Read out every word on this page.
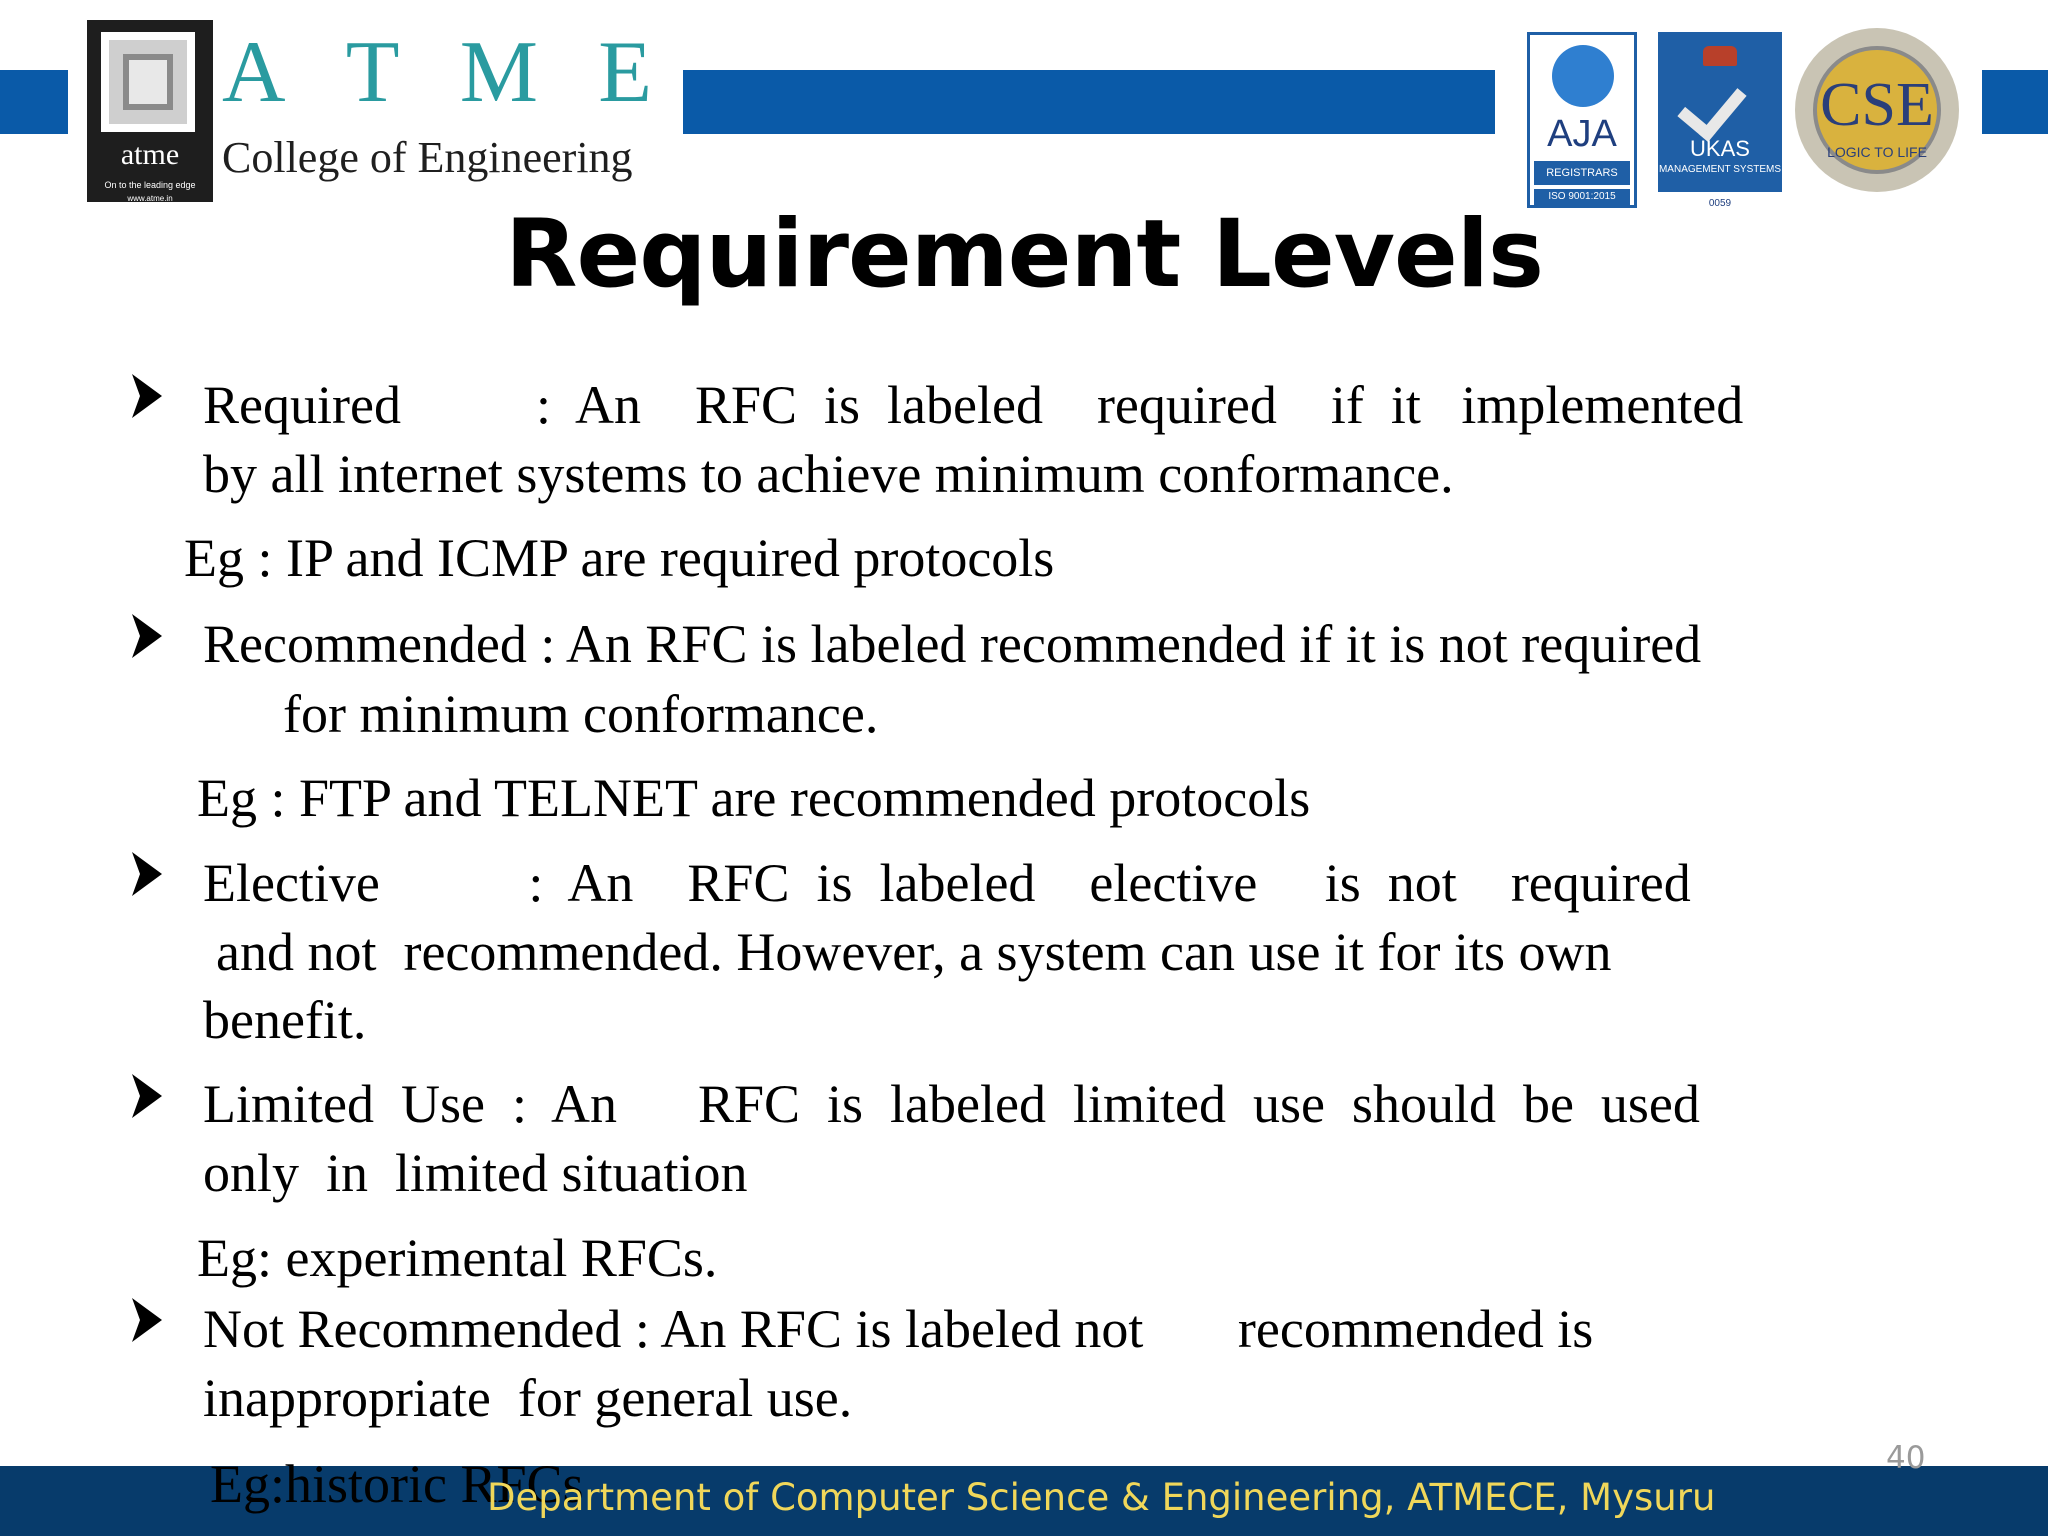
atme
On to the leading edge
www.atme.in
A T M E
College of Engineering	AJA
REGISTRARS
ISO 9001:2015
UKAS
MANAGEMENT SYSTEMS
0059
CSE
LOGIC TO LIFE
Requirement Levels
Required          :  An    RFC  is  labeled    required    if  it   implemented
by all internet systems to achieve minimum conformance.
Eg : IP and ICMP are required protocols
Recommended : An RFC is labeled recommended if it is not required
for minimum conformance.
Eg : FTP and TELNET are recommended protocols
Elective           :  An    RFC  is  labeled    elective     is  not    required
and not  recommended. However, a system can use it for its own
benefit.
Limited  Use  :  An      RFC  is  labeled  limited  use  should  be  used
only  in  limited situation
Eg: experimental RFCs.
Not Recommended : An RFC is labeled not       recommended is
inappropriate  for general use.
Eg:historic RFCs
Department of Computer Science & Engineering, ATMECE, Mysuru
40
